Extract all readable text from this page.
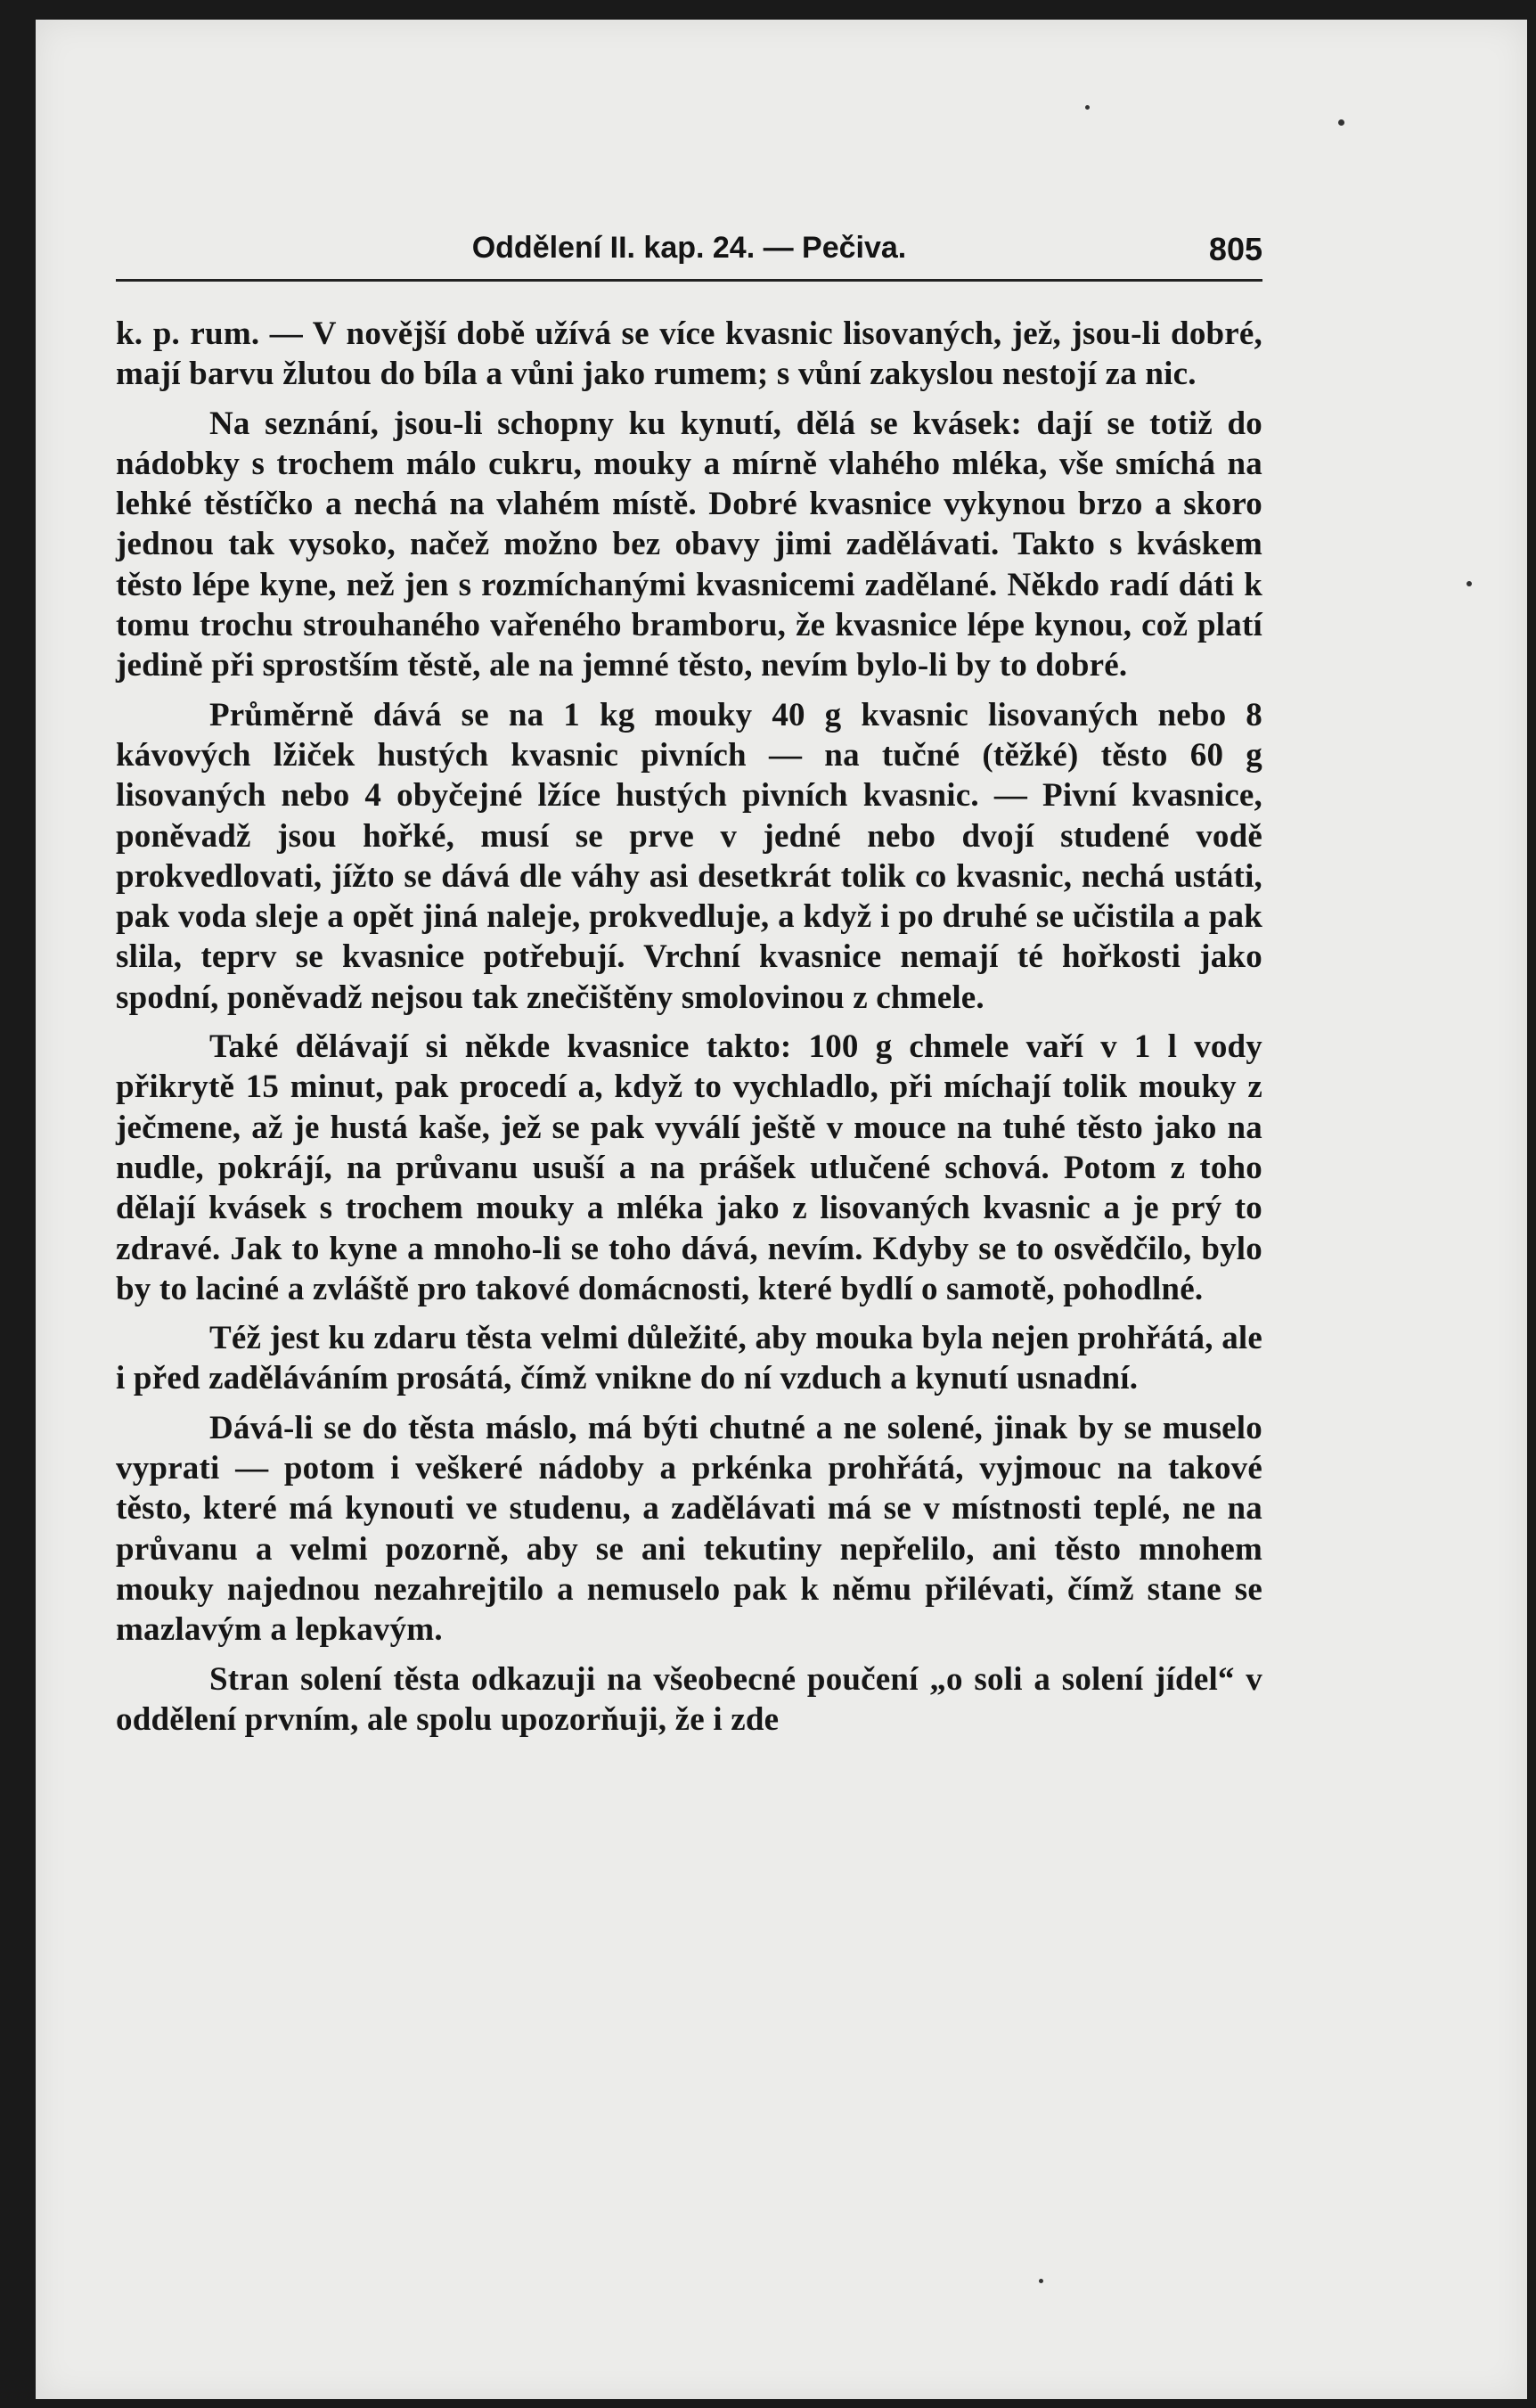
Oddělení II. kap. 24. — Pečiva.	805

k. p. rum. — V novější době užívá se více kvasnic lisovaných, jež, jsou-li dobré, mají barvu žlutou do bíla a vůni jako rumem; s vůní zakyslou nestojí za nic.

Na seznání, jsou-li schopny ku kynutí, dělá se kvásek: dají se totiž do nádobky s trochem málo cukru, mouky a mírně vlahého mléka, vše smíchá na lehké těstíčko a nechá na vlahém místě. Dobré kvasnice vykynou brzo a skoro jednou tak vysoko, načež možno bez obavy jimi zadělávati. Takto s kváskem těsto lépe kyne, než jen s rozmíchanými kvasnicemi zadělané. Někdo radí dáti k tomu trochu strouhaného vařeného bramboru, že kvasnice lépe kynou, což platí jedině při sprostším těstě, ale na jemné těsto, nevím bylo-li by to dobré.

Průměrně dává se na 1 kg mouky 40 g kvasnic lisovaných nebo 8 kávových lžiček hustých kvasnic pivních — na tučné (těžké) těsto 60 g lisovaných nebo 4 obyčejné lžíce hustých pivních kvasnic. — Pivní kvasnice, poněvadž jsou hořké, musí se prve v jedné nebo dvojí studené vodě prokvedlovati, jížto se dává dle váhy asi desetkrát tolik co kvasnic, nechá ustáti, pak voda sleje a opět jiná naleje, prokvedluje, a když i po druhé se učistila a pak slila, teprv se kvasnice potřebují. Vrchní kvasnice nemají té hořkosti jako spodní, poněvadž nejsou tak znečištěny smolovinou z chmele.

Také dělávají si někde kvasnice takto: 100 g chmele vaří v 1 l vody přikrytě 15 minut, pak procedí a, když to vychladlo, při míchají tolik mouky z ječmene, až je hustá kaše, jež se pak vyválí ještě v mouce na tuhé těsto jako na nudle, pokrájí, na průvanu usuší a na prášek utlučené schová. Potom z toho dělají kvásek s trochem mouky a mléka jako z lisovaných kvasnic a je prý to zdravé. Jak to kyne a mnoho-li se toho dává, nevím. Kdyby se to osvědčilo, bylo by to laciné a zvláště pro takové domácnosti, které bydlí o samotě, pohodlné.

Též jest ku zdaru těsta velmi důležité, aby mouka byla nejen prohřátá, ale i před zaděláváním prosátá, čímž vnikne do ní vzduch a kynutí usnadní.

Dává-li se do těsta máslo, má býti chutné a ne solené, jinak by se muselo vyprati — potom i veškeré nádoby a prkénka prohřátá, vyjmouc na takové těsto, které má kynouti ve studenu, a zadělávati má se v místnosti teplé, ne na průvanu a velmi pozorně, aby se ani tekutiny nepřelilo, ani těsto mnohem mouky najednou nezahrejtilo a nemuselo pak k němu přilévati, čímž stane se mazlavým a lepkavým.

Stran solení těsta odkazuji na všeobecné poučení „o soli a solení jídel“ v oddělení prvním, ale spolu upozorňuji, že i zde
